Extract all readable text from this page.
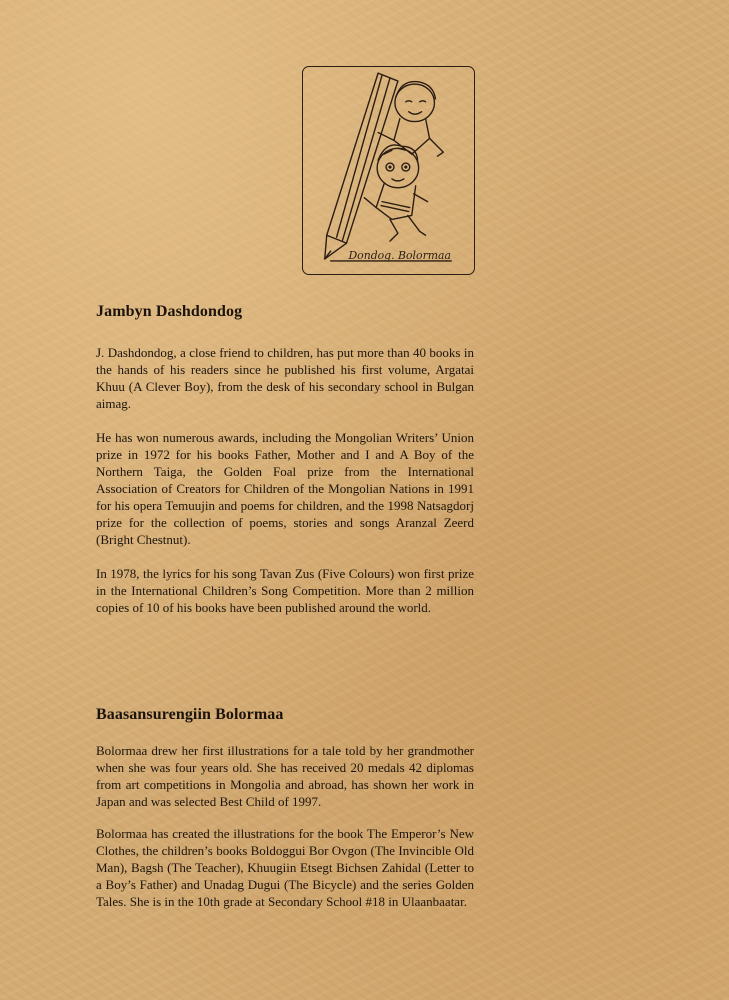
Dondog. Bolormaa
Jambyn Dashdondog

J. Dashdondog, a close friend to children, has put more than 40 books in the hands of his readers since he published his first volume, Argatai Khuu (A Clever Boy), from the desk of his secondary school in Bulgan aimag.

He has won numerous awards, including the Mongolian Writers’ Union prize in 1972 for his books Father, Mother and I and A Boy of the Northern Taiga, the Golden Foal prize from the International Association of Creators for Children of the Mongolian Nations in 1991 for his opera Temuujin and poems for children, and the 1998 Natsagdorj prize for the collection of poems, stories and songs Aranzal Zeerd (Bright Chestnut).

In 1978, the lyrics for his song Tavan Zus (Five Colours) won first prize in the International Children’s Song Competition. More than 2 million copies of 10 of his books have been published around the world.

Baasansurengiin Bolormaa

Bolormaa drew her first illustrations for a tale told by her grandmother when she was four years old. She has received 20 medals 42 diplomas from art competitions in Mongolia and abroad, has shown her work in Japan and was selected Best Child of 1997.

Bolormaa has created the illustrations for the book The Emperor’s New Clothes, the children’s books Boldoggui Bor Ovgon (The Invincible Old Man), Bagsh (The Teacher), Khuugiin Etsegt Bichsen Zahidal (Letter to a Boy’s Father) and Unadag Dugui (The Bicycle) and the series Golden Tales. She is in the 10th grade at Secondary School #18 in Ulaanbaatar.
